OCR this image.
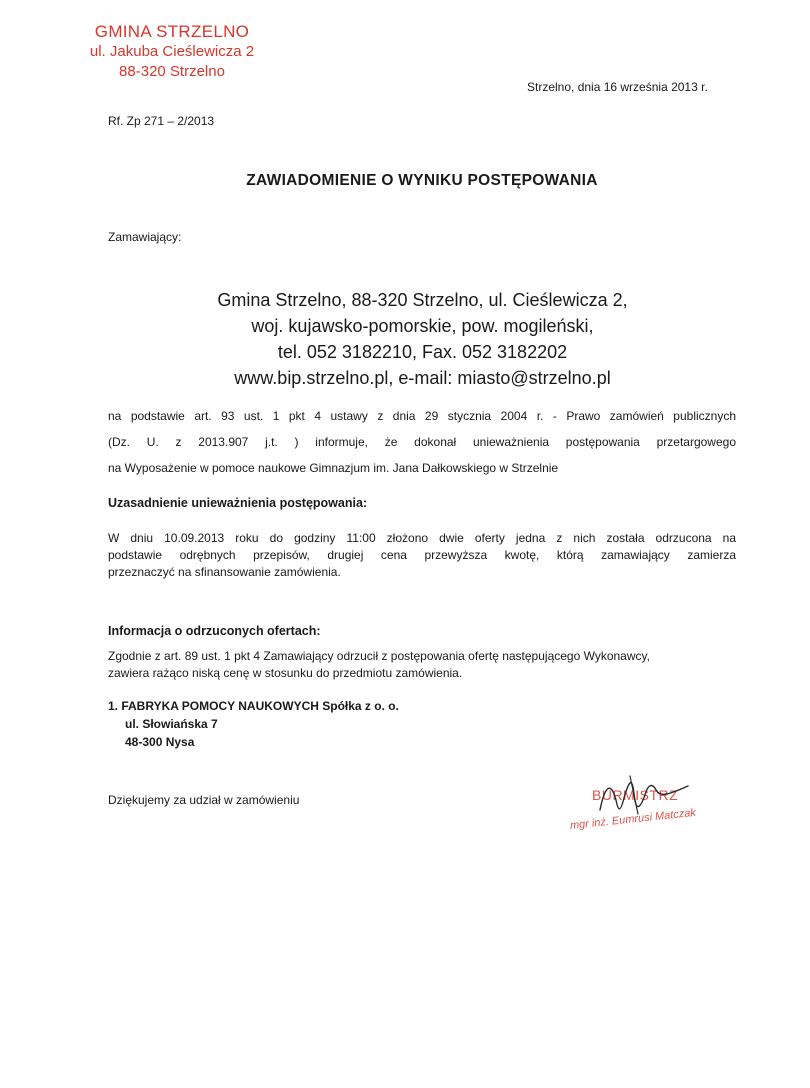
GMINA STRZELNO
ul. Jakuba Cieślewicza 2
88-320 Strzelno
Strzelno, dnia 16 września 2013 r.
Rf. Zp 271 – 2/2013
ZAWIADOMIENIE O WYNIKU POSTĘPOWANIA
Zamawiający:
Gmina Strzelno, 88-320 Strzelno, ul. Cieślewicza 2,
woj. kujawsko-pomorskie, pow. mogileński,
tel. 052 3182210, Fax. 052 3182202
www.bip.strzelno.pl, e-mail: miasto@strzelno.pl
na podstawie art. 93 ust. 1 pkt 4 ustawy z dnia 29 stycznia 2004 r. - Prawo zamówień publicznych
(Dz. U. z 2013.907 j.t. ) informuje, że dokonał unieważnienia postępowania przetargowego
na Wyposażenie w pomoce naukowe Gimnazjum im. Jana Dałkowskiego w Strzelnie
Uzasadnienie unieważnienia postępowania:
W dniu 10.09.2013 roku do godziny 11:00 złożono dwie oferty jedna z nich została odrzucona na
podstawie odrębnych przepisów, drugiej cena przewyższa kwotę, którą zamawiający zamierza
przeznaczyć na sfinansowanie zamówienia.
Informacja o odrzuconych ofertach:
Zgodnie z art. 89 ust. 1 pkt 4 Zamawiający odrzucił z postępowania ofertę następującego Wykonawcy,
zawiera rażąco niską cenę w stosunku do przedmiotu zamówienia.
1. FABRYKA POMOCY NAUKOWYCH Spółka z o. o.
ul. Słowiańska 7
48-300 Nysa
Dziękujemy za udział w zamówieniu	BURMISTRZ
mgr inż. Eumrusi Matczak
